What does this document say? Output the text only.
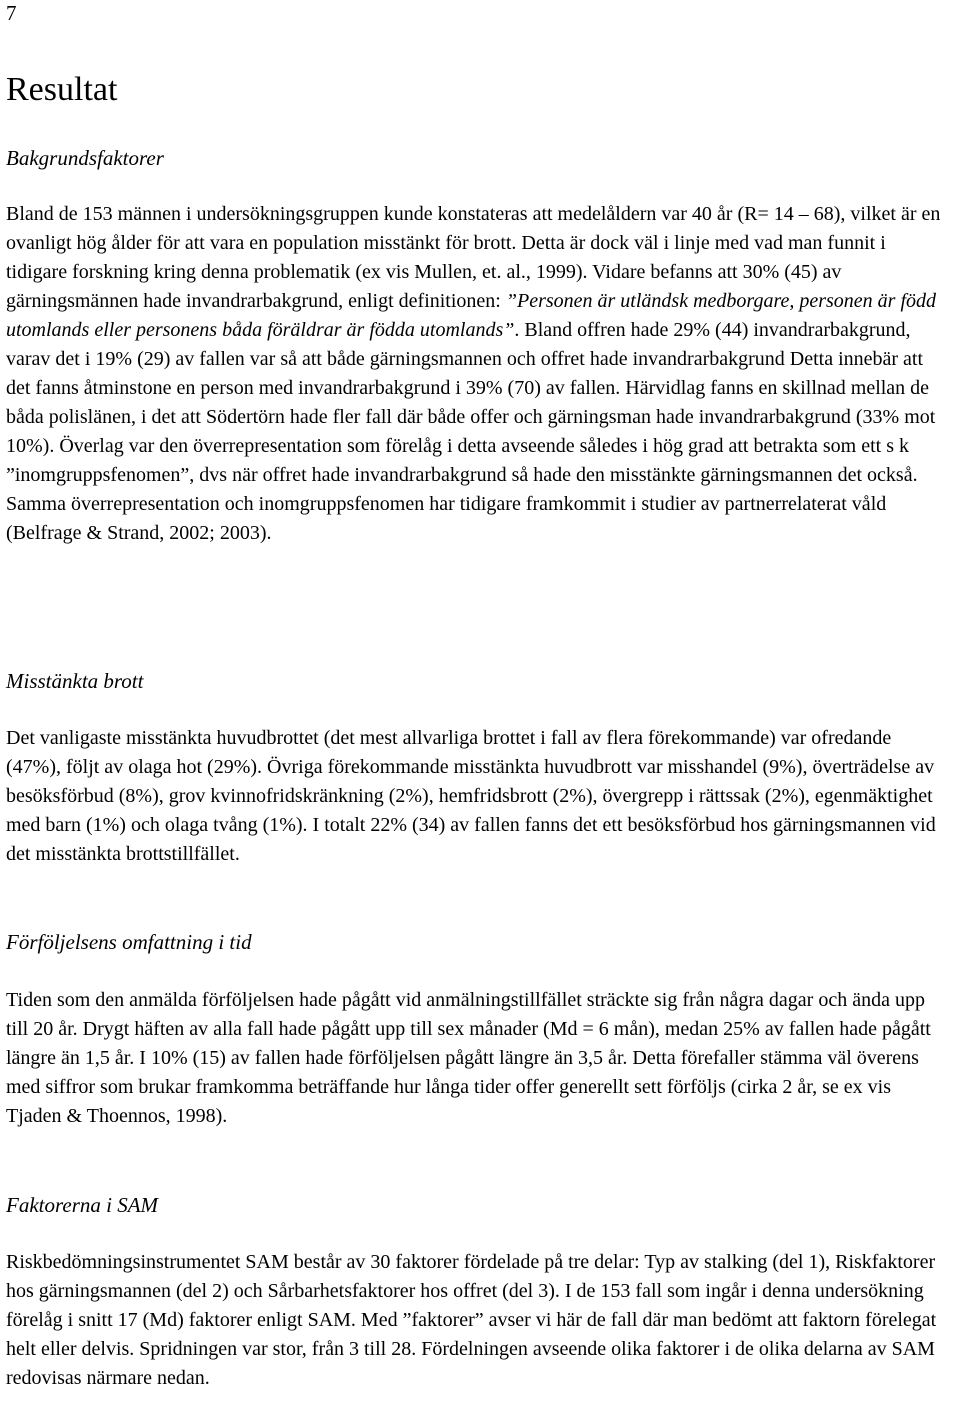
7
Resultat
Bakgrundsfaktorer

Bland de 153 männen i undersökningsgruppen kunde konstateras att medelåldern var 40 år (R= 14 – 68), vilket är en ovanligt hög ålder för att vara en population misstänkt för brott. Detta är dock väl i linje med vad man funnit i tidigare forskning kring denna problematik (ex vis Mullen, et. al., 1999). Vidare befanns att 30% (45) av gärningsmännen hade invandrarbakgrund, enligt definitionen: ”Personen är utländsk medborgare, personen är född utomlands eller personens båda föräldrar är födda utomlands”. Bland offren hade 29% (44) invandrarbakgrund, varav det i 19% (29) av fallen var så att både gärningsmannen och offret hade invandrarbakgrund Detta innebär att det fanns åtminstone en person med invandrarbakgrund i 39% (70) av fallen. Härvidlag fanns en skillnad mellan de båda polislänen, i det att Södertörn hade fler fall där både offer och gärningsman hade invandrarbakgrund (33% mot 10%). Överlag var den överrepresentation som förelåg i detta avseende således i hög grad att betrakta som ett s k ”inomgruppsfenomen”, dvs när offret hade invandrarbakgrund så hade den misstänkte gärningsmannen det också. Samma överrepresentation och inomgruppsfenomen har tidigare framkommit i studier av partnerrelaterat våld (Belfrage & Strand, 2002; 2003).

Misstänkta brott

Det vanligaste misstänkta huvudbrottet (det mest allvarliga brottet i fall av flera förekommande) var ofredande (47%), följt av olaga hot (29%). Övriga förekommande misstänkta huvudbrott var misshandel (9%), överträdelse av besöksförbud (8%), grov kvinnofridskränkning (2%), hemfridsbrott (2%), övergrepp i rättssak (2%), egenmäktighet med barn (1%) och olaga tvång (1%). I totalt 22% (34) av fallen fanns det ett besöksförbud hos gärningsmannen vid det misstänkta brottstillfället.

Förföljelsens omfattning i tid

Tiden som den anmälda förföljelsen hade pågått vid anmälningstillfället sträckte sig från några dagar och ända upp till 20 år. Drygt häften av alla fall hade pågått upp till sex månader (Md = 6 mån), medan 25% av fallen hade pågått längre än 1,5 år. I 10% (15) av fallen hade förföljelsen pågått längre än 3,5 år. Detta förefaller stämma väl överens med siffror som brukar framkomma beträffande hur långa tider offer generellt sett förföljs (cirka 2 år, se ex vis Tjaden & Thoennos, 1998).

Faktorerna i SAM

Riskbedömningsinstrumentet SAM består av 30 faktorer fördelade på tre delar: Typ av stalking (del 1), Riskfaktorer hos gärningsmannen (del 2) och Sårbarhetsfaktorer hos offret (del 3). I de 153 fall som ingår i denna undersökning förelåg i snitt 17 (Md) faktorer enligt SAM. Med ”faktorer” avser vi här de fall där man bedömt att faktorn förelegat helt eller delvis. Spridningen var stor, från 3 till 28. Fördelningen avseende olika faktorer i de olika delarna av SAM redovisas närmare nedan.
